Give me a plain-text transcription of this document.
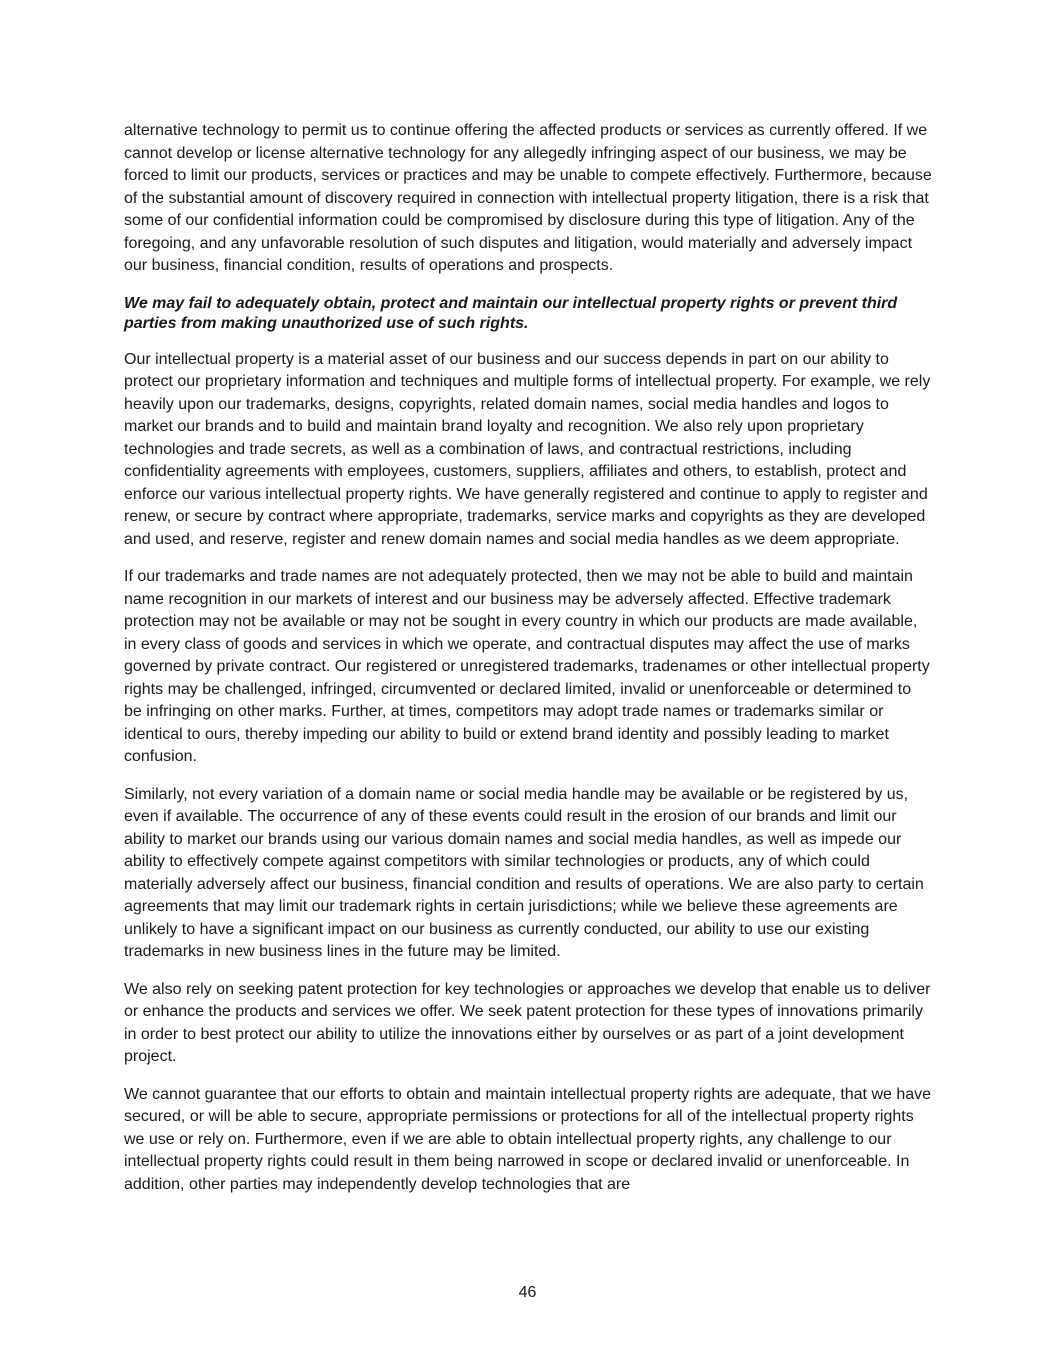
alternative technology to permit us to continue offering the affected products or services as currently offered. If we cannot develop or license alternative technology for any allegedly infringing aspect of our business, we may be forced to limit our products, services or practices and may be unable to compete effectively. Furthermore, because of the substantial amount of discovery required in connection with intellectual property litigation, there is a risk that some of our confidential information could be compromised by disclosure during this type of litigation. Any of the foregoing, and any unfavorable resolution of such disputes and litigation, would materially and adversely impact our business, financial condition, results of operations and prospects.

We may fail to adequately obtain, protect and maintain our intellectual property rights or prevent third parties from making unauthorized use of such rights.

Our intellectual property is a material asset of our business and our success depends in part on our ability to protect our proprietary information and techniques and multiple forms of intellectual property. For example, we rely heavily upon our trademarks, designs, copyrights, related domain names, social media handles and logos to market our brands and to build and maintain brand loyalty and recognition. We also rely upon proprietary technologies and trade secrets, as well as a combination of laws, and contractual restrictions, including confidentiality agreements with employees, customers, suppliers, affiliates and others, to establish, protect and enforce our various intellectual property rights. We have generally registered and continue to apply to register and renew, or secure by contract where appropriate, trademarks, service marks and copyrights as they are developed and used, and reserve, register and renew domain names and social media handles as we deem appropriate.

If our trademarks and trade names are not adequately protected, then we may not be able to build and maintain name recognition in our markets of interest and our business may be adversely affected. Effective trademark protection may not be available or may not be sought in every country in which our products are made available, in every class of goods and services in which we operate, and contractual disputes may affect the use of marks governed by private contract. Our registered or unregistered trademarks, tradenames or other intellectual property rights may be challenged, infringed, circumvented or declared limited, invalid or unenforceable or determined to be infringing on other marks. Further, at times, competitors may adopt trade names or trademarks similar or identical to ours, thereby impeding our ability to build or extend brand identity and possibly leading to market confusion.

Similarly, not every variation of a domain name or social media handle may be available or be registered by us, even if available. The occurrence of any of these events could result in the erosion of our brands and limit our ability to market our brands using our various domain names and social media handles, as well as impede our ability to effectively compete against competitors with similar technologies or products, any of which could materially adversely affect our business, financial condition and results of operations. We are also party to certain agreements that may limit our trademark rights in certain jurisdictions; while we believe these agreements are unlikely to have a significant impact on our business as currently conducted, our ability to use our existing trademarks in new business lines in the future may be limited.

We also rely on seeking patent protection for key technologies or approaches we develop that enable us to deliver or enhance the products and services we offer. We seek patent protection for these types of innovations primarily in order to best protect our ability to utilize the innovations either by ourselves or as part of a joint development project.

We cannot guarantee that our efforts to obtain and maintain intellectual property rights are adequate, that we have secured, or will be able to secure, appropriate permissions or protections for all of the intellectual property rights we use or rely on. Furthermore, even if we are able to obtain intellectual property rights, any challenge to our intellectual property rights could result in them being narrowed in scope or declared invalid or unenforceable. In addition, other parties may independently develop technologies that are

46
